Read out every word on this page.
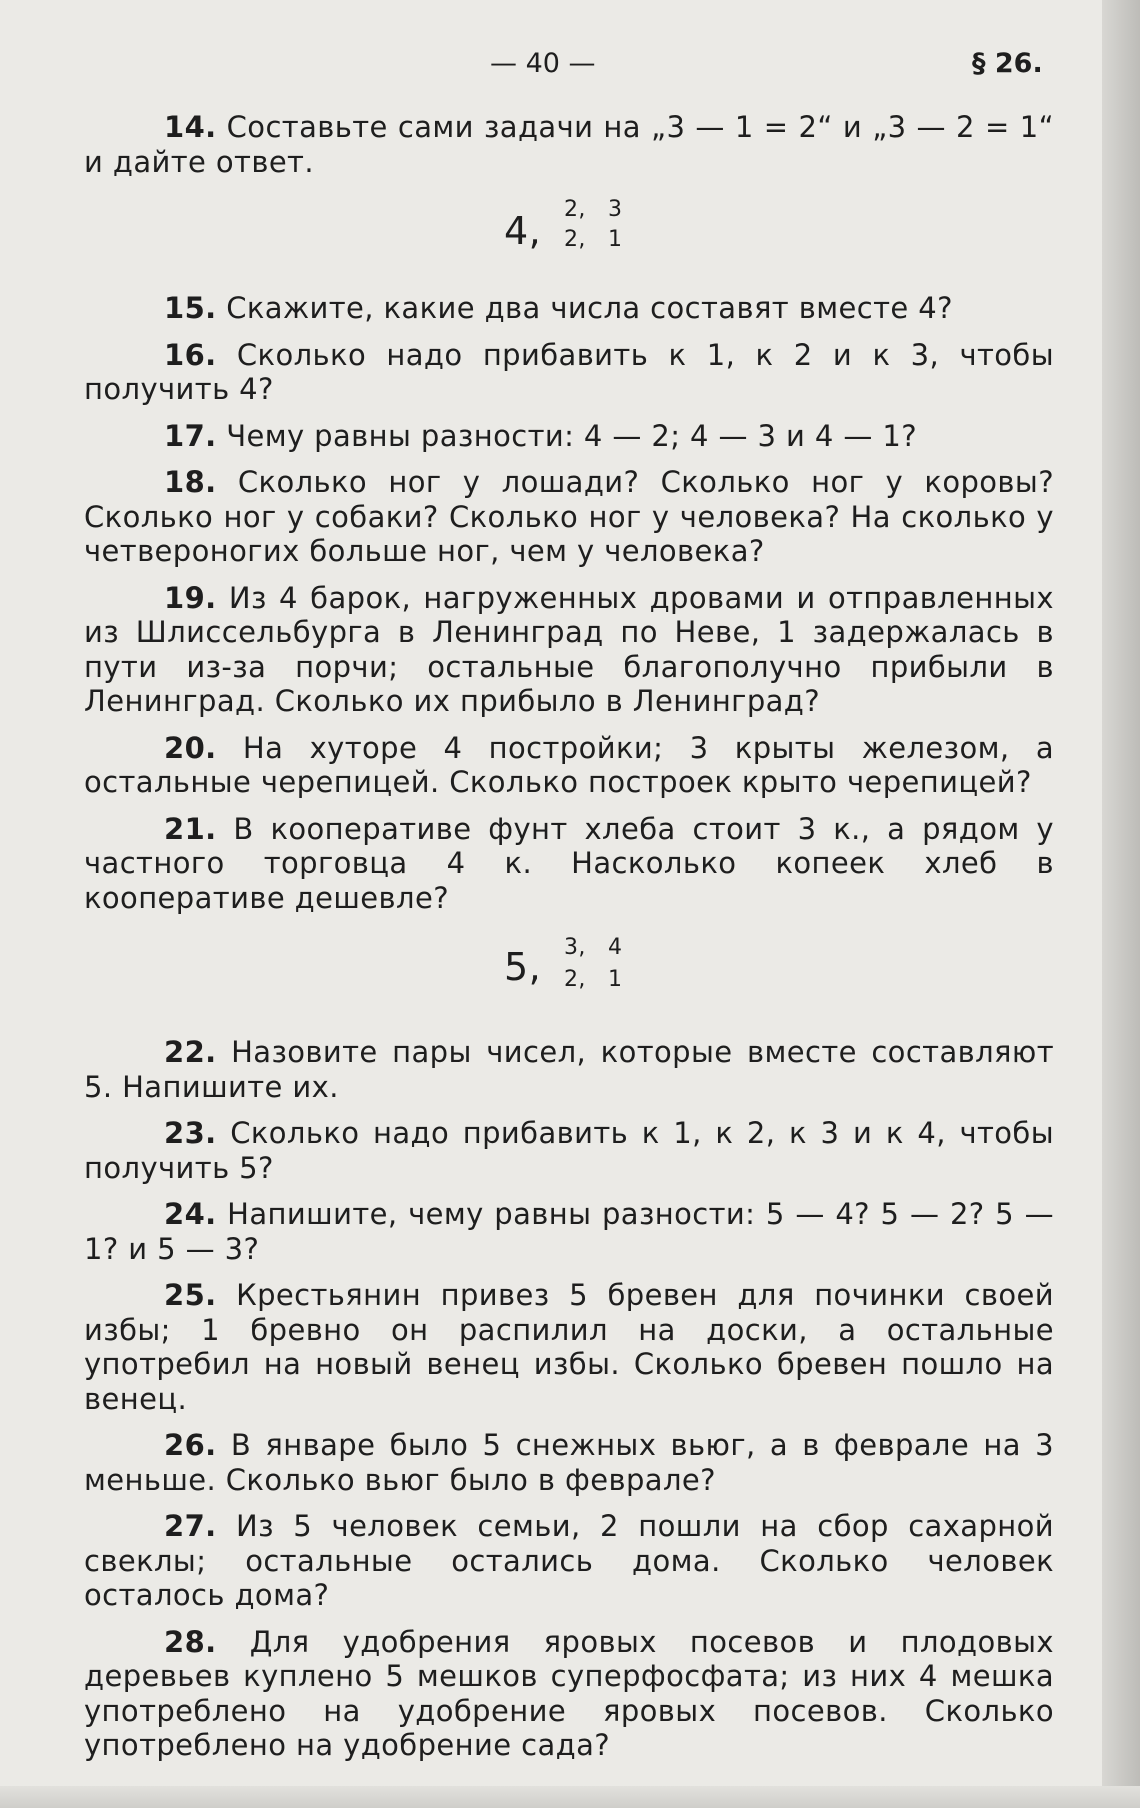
— 40 —	§ 26.

14. Составьте сами задачи на „3 — 1 = 2“ и „3 — 2 = 1“ и дайте ответ.

4, 2,   3
2,   1

15. Скажите, какие два числа составят вместе 4?

16. Сколько надо прибавить к 1, к 2 и к 3, чтобы получить 4?

17. Чему равны разности: 4 — 2; 4 — 3 и 4 — 1?

18. Сколько ног у лошади? Сколько ног у коровы? Сколько ног у собаки? Сколько ног у человека? На сколько у четвероногих больше ног, чем у человека?

19. Из 4 барок, нагруженных дровами и отправленных из Шлиссельбурга в Ленинград по Неве, 1 задержалась в пути из-за порчи; остальные благополучно прибыли в Ленинград. Сколько их прибыло в Ленинград?

20. На хуторе 4 постройки; 3 крыты железом, а остальные черепицей. Сколько построек крыто черепицей?

21. В кооперативе фунт хлеба стоит 3 к., а рядом у частного торговца 4 к. Насколько копеек хлеб в кооперативе дешевле?

5, 3,   4
2,   1

22. Назовите пары чисел, которые вместе составляют 5. Напишите их.

23. Сколько надо прибавить к 1, к 2, к 3 и к 4, чтобы получить 5?

24. Напишите, чему равны разности: 5 — 4? 5 — 2? 5 — 1? и 5 — 3?

25. Крестьянин привез 5 бревен для починки своей избы; 1 бревно он распилил на доски, а остальные употребил на новый венец избы. Сколько бревен пошло на венец.

26. В январе было 5 снежных вьюг, а в феврале на 3 меньше. Сколько вьюг было в феврале?

27. Из 5 человек семьи, 2 пошли на сбор сахарной свеклы; остальные остались дома. Сколько человек осталось дома?

28. Для удобрения яровых посевов и плодовых деревьев куплено 5 мешков суперфосфата; из них 4 мешка употреблено на удобрение яровых посевов. Сколько употреблено на удобрение сада?
